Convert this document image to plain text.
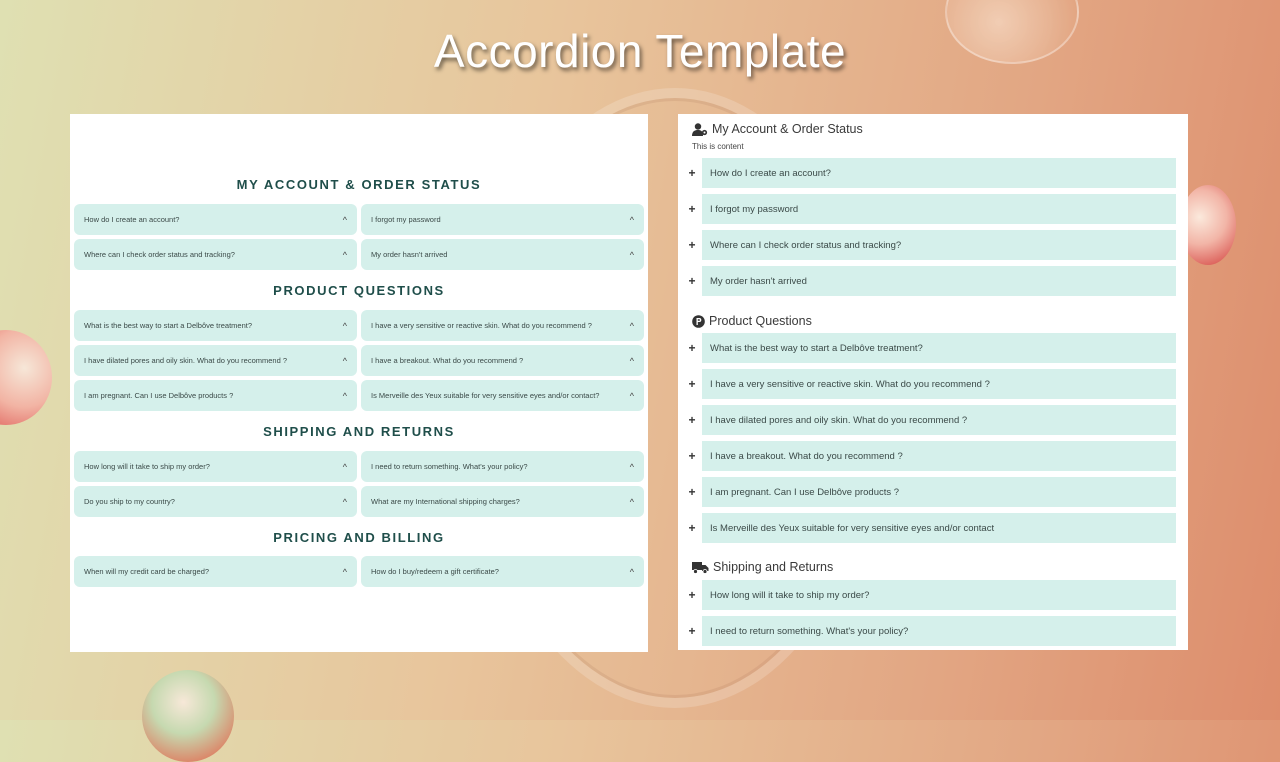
Accordion Template
MY ACCOUNT & ORDER STATUS
How do I create an account?	^	I forgot my password	^
Where can I check order status and tracking?	^	My order hasn't arrived	^
PRODUCT QUESTIONS
What is the best way to start a Delbôve treatment?	^	I have a very sensitive or reactive skin. What do you recommend ?	^
I have dilated pores and oily skin. What do you recommend ?	^	I have a breakout. What do you recommend ?	^
I am pregnant. Can I use Delbôve products ?	^	Is Merveille des Yeux suitable for very sensitive eyes and/or contact?	^
SHIPPING AND RETURNS
How long will it take to ship my order?	^	I need to return something. What's your policy?	^
Do you ship to my country?	^	What are my International shipping charges?	^
PRICING AND BILLING
When will my credit card be charged?	^	How do I buy/redeem a gift certificate?	^
My Account & Order Status
This is content
+	How do I create an account?
+	I forgot my password
+	Where can I check order status and tracking?
+	My order hasn't arrived
Product Questions
+	What is the best way to start a Delbôve treatment?
+	I have a very sensitive or reactive skin. What do you recommend ?
+	I have dilated pores and oily skin. What do you recommend ?
+	I have a breakout. What do you recommend ?
+	I am pregnant. Can I use Delbôve products ?
+	Is Merveille des Yeux suitable for very sensitive eyes and/or contact
Shipping and Returns
+	How long will it take to ship my order?
+	I need to return something. What's your policy?
